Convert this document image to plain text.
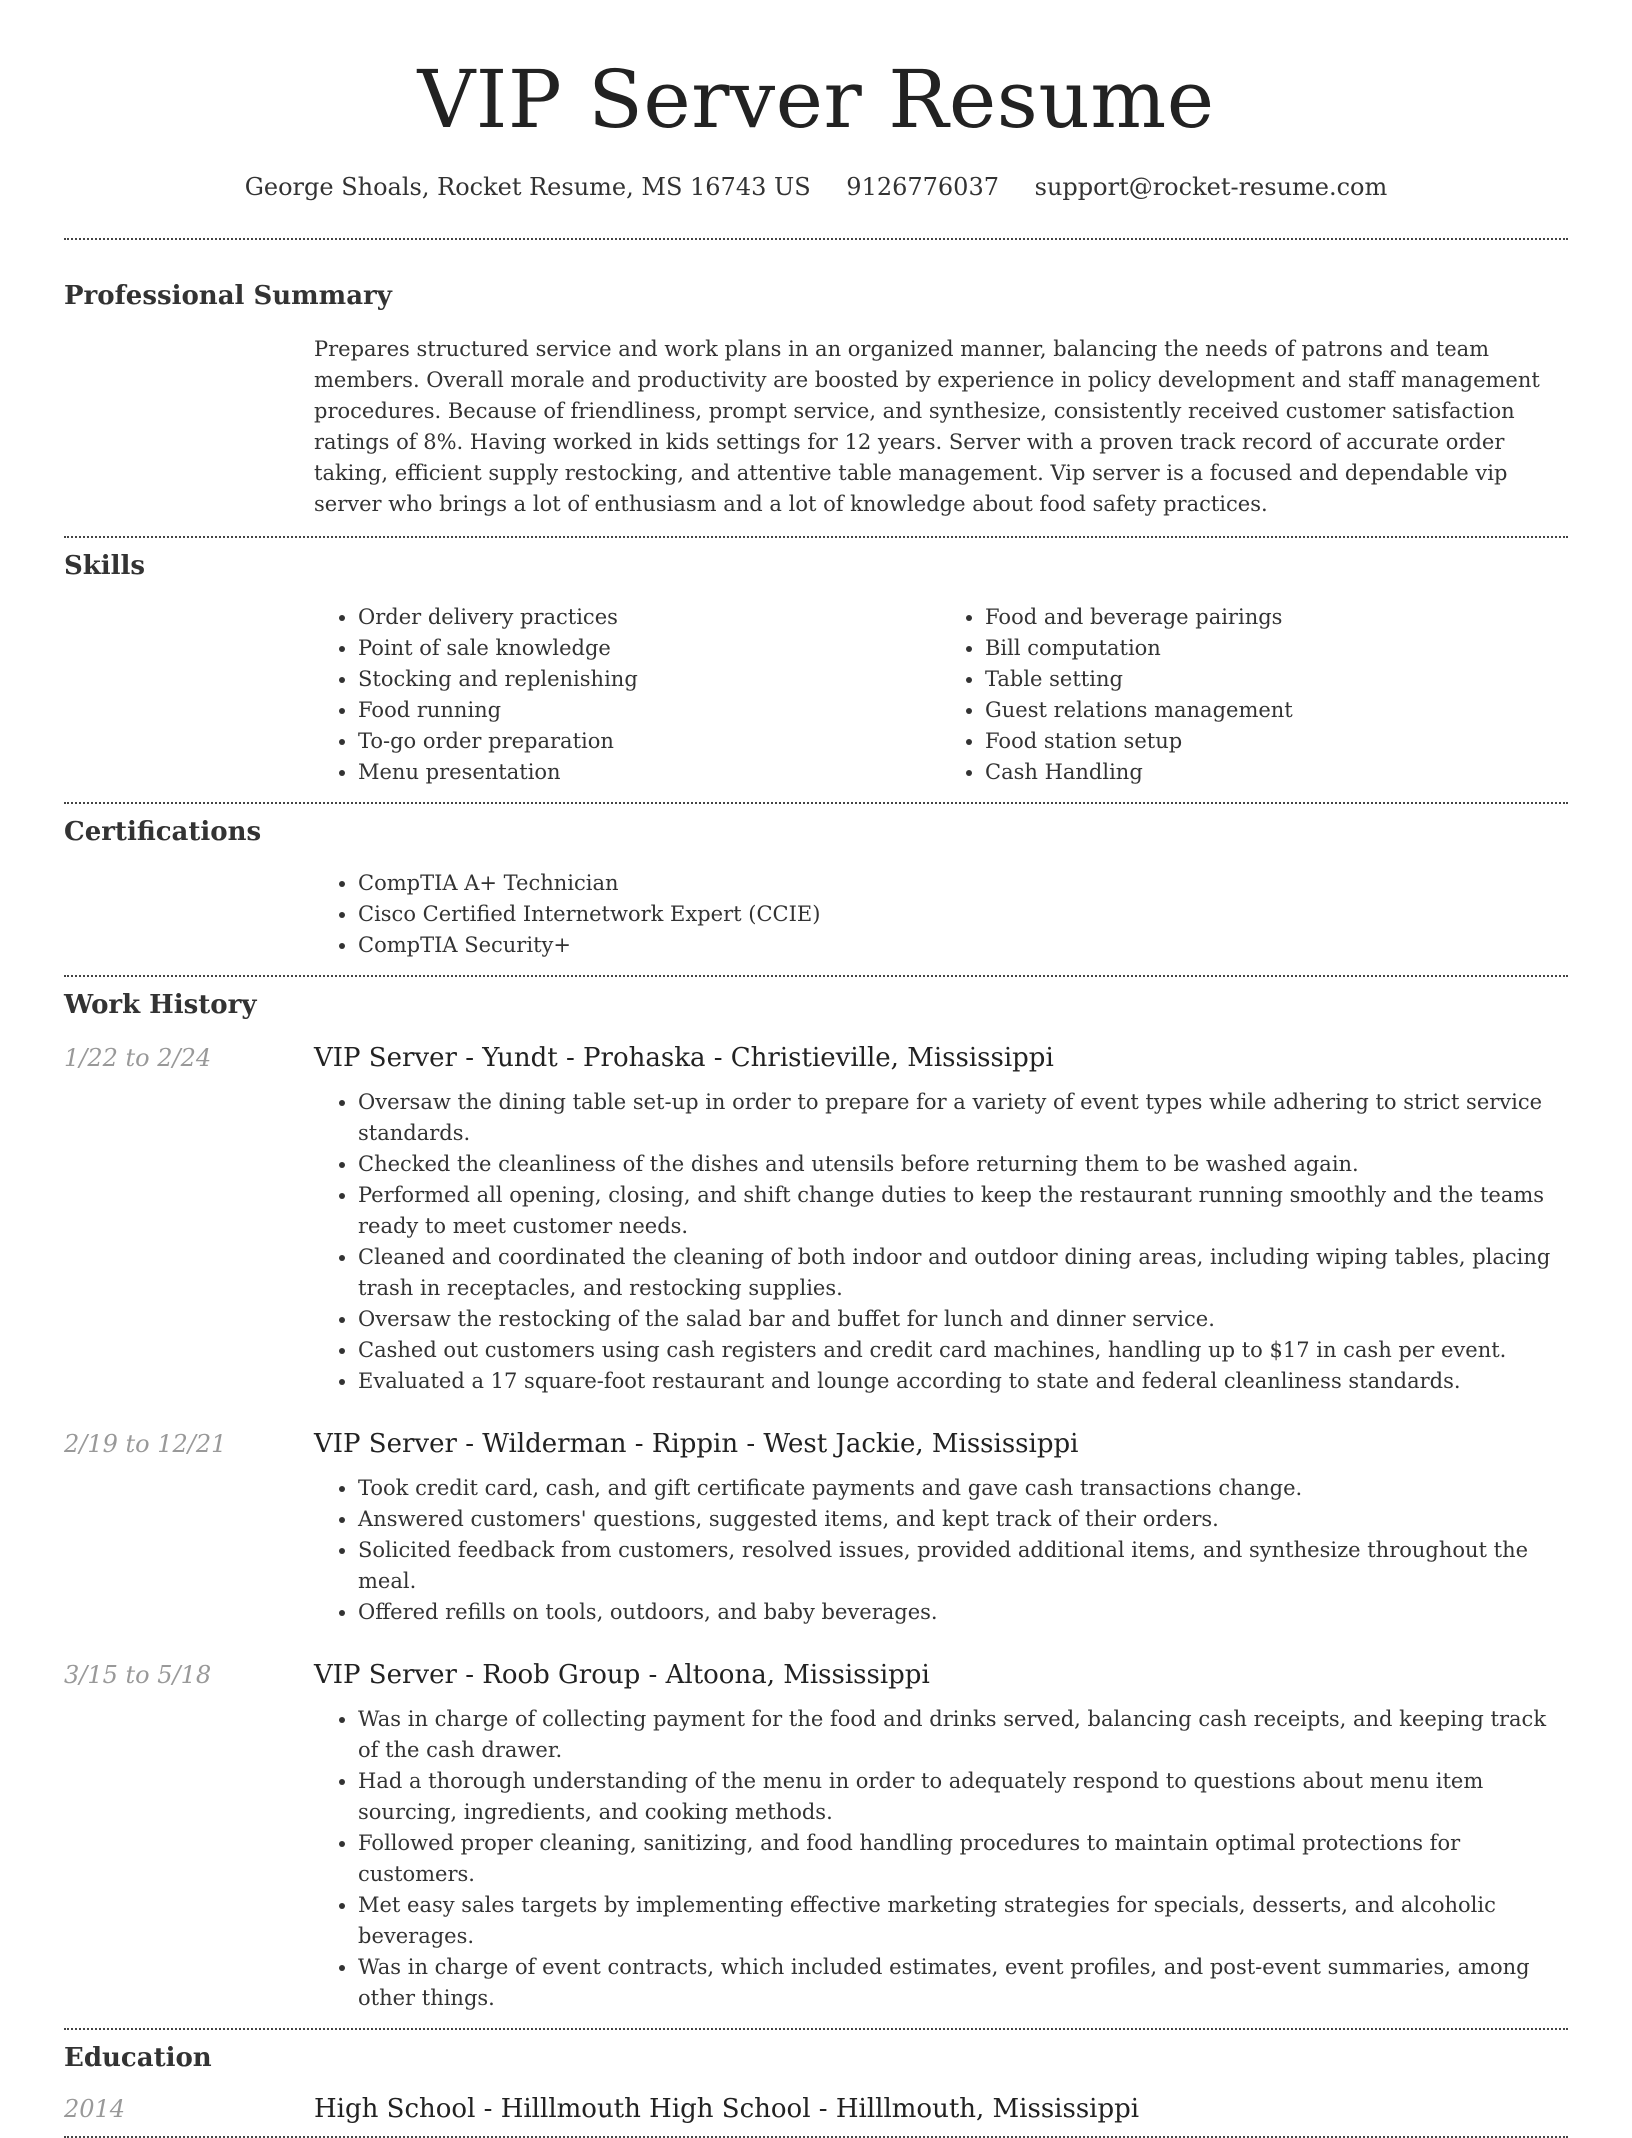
VIP Server Resume
George Shoals, Rocket Resume, MS 16743 US 9126776037 support@rocket-resume.com
Professional Summary
Prepares structured service and work plans in an organized manner, balancing the needs of patrons and team members. Overall morale and productivity are boosted by experience in policy development and staff management procedures. Because of friendliness, prompt service, and synthesize, consistently received customer satisfaction ratings of 8%. Having worked in kids settings for 12 years. Server with a proven track record of accurate order taking, efficient supply restocking, and attentive table management. Vip server is a focused and dependable vip server who brings a lot of enthusiasm and a lot of knowledge about food safety practices.
Skills
• Order delivery practices
• Point of sale knowledge
• Stocking and replenishing
• Food running
• To-go order preparation
• Menu presentation
• Food and beverage pairings
• Bill computation
• Table setting
• Guest relations management
• Food station setup
• Cash Handling
Certifications
• CompTIA A+ Technician
• Cisco Certified Internetwork Expert (CCIE)
• CompTIA Security+
Work History
1/22 to 2/24	VIP Server - Yundt - Prohaska - Christieville, Mississippi
• Oversaw the dining table set-up in order to prepare for a variety of event types while adhering to strict service standards.
• Checked the cleanliness of the dishes and utensils before returning them to be washed again.
• Performed all opening, closing, and shift change duties to keep the restaurant running smoothly and the teams ready to meet customer needs.
• Cleaned and coordinated the cleaning of both indoor and outdoor dining areas, including wiping tables, placing trash in receptacles, and restocking supplies.
• Oversaw the restocking of the salad bar and buffet for lunch and dinner service.
• Cashed out customers using cash registers and credit card machines, handling up to $17 in cash per event.
• Evaluated a 17 square-foot restaurant and lounge according to state and federal cleanliness standards.
2/19 to 12/21	VIP Server - Wilderman - Rippin - West Jackie, Mississippi
• Took credit card, cash, and gift certificate payments and gave cash transactions change.
• Answered customers' questions, suggested items, and kept track of their orders.
• Solicited feedback from customers, resolved issues, provided additional items, and synthesize throughout the meal.
• Offered refills on tools, outdoors, and baby beverages.
3/15 to 5/18	VIP Server - Roob Group - Altoona, Mississippi
• Was in charge of collecting payment for the food and drinks served, balancing cash receipts, and keeping track of the cash drawer.
• Had a thorough understanding of the menu in order to adequately respond to questions about menu item sourcing, ingredients, and cooking methods.
• Followed proper cleaning, sanitizing, and food handling procedures to maintain optimal protections for customers.
• Met easy sales targets by implementing effective marketing strategies for specials, desserts, and alcoholic beverages.
• Was in charge of event contracts, which included estimates, event profiles, and post-event summaries, among other things.
Education
2014	High School - Hilllmouth High School - Hilllmouth, Mississippi
